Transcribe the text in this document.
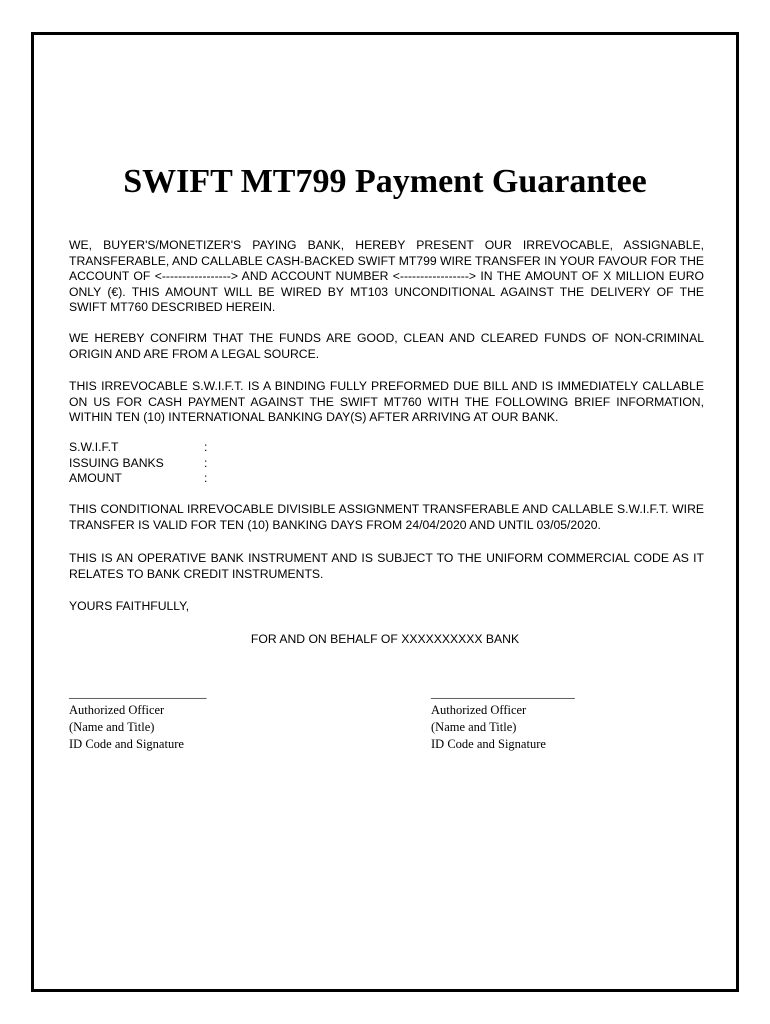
SWIFT MT799 Payment Guarantee

WE, BUYER'S/MONETIZER'S PAYING BANK, HEREBY PRESENT OUR IRREVOCABLE, ASSIGNABLE, TRANSFERABLE, AND CALLABLE CASH-BACKED SWIFT MT799 WIRE TRANSFER IN YOUR FAVOUR FOR THE ACCOUNT OF <-----------------> AND ACCOUNT NUMBER <-----------------> IN THE AMOUNT OF X MILLION EURO ONLY (€). THIS AMOUNT WILL BE WIRED BY MT103 UNCONDITIONAL AGAINST THE DELIVERY OF THE SWIFT MT760 DESCRIBED HEREIN.

WE HEREBY CONFIRM THAT THE FUNDS ARE GOOD, CLEAN AND CLEARED FUNDS OF NON-CRIMINAL ORIGIN AND ARE FROM A LEGAL SOURCE.

THIS IRREVOCABLE S.W.I.F.T. IS A BINDING FULLY PREFORMED DUE BILL AND IS IMMEDIATELY CALLABLE ON US FOR CASH PAYMENT AGAINST THE SWIFT MT760 WITH THE FOLLOWING BRIEF INFORMATION, WITHIN TEN (10) INTERNATIONAL BANKING DAY(S) AFTER ARRIVING AT OUR BANK.

S.W.I.F.T	:
ISSUING BANKS	:
AMOUNT	:

THIS CONDITIONAL IRREVOCABLE DIVISIBLE ASSIGNMENT TRANSFERABLE AND CALLABLE S.W.I.F.T. WIRE TRANSFER IS VALID FOR TEN (10) BANKING DAYS FROM 24/04/2020 AND UNTIL 03/05/2020.

THIS IS AN OPERATIVE BANK INSTRUMENT AND IS SUBJECT TO THE UNIFORM COMMERCIAL CODE AS IT RELATES TO BANK CREDIT INSTRUMENTS.

YOURS FAITHFULLY,
FOR AND ON BEHALF OF XXXXXXXXXX BANK
______________________
Authorized Officer
(Name and Title)
ID Code and Signature
_______________________
Authorized Officer
(Name and Title)
ID Code and Signature
